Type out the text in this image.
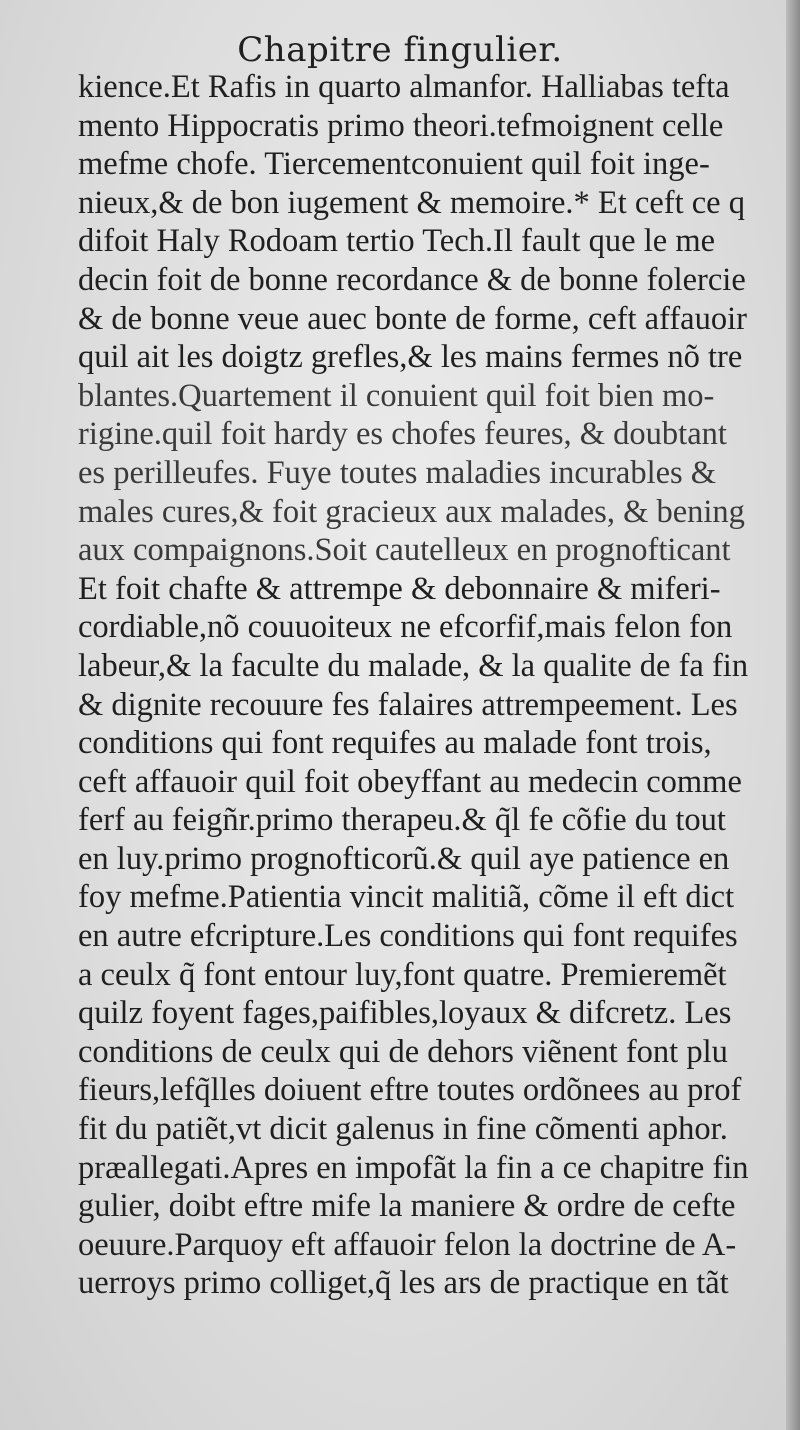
Chapitre fingulier.
kience.Et Rafis in quarto almanfor. Halliabas tefta
mento Hippocratis primo theori.tefmoignent celle
mefme chofe. Tiercementconuient quil foit inge-
nieux,& de bon iugement & memoire.* Et ceft ce q
difoit Haly Rodoam tertio Tech.Il fault que le me
decin foit de bonne recordance & de bonne folercie
& de bonne veue auec bonte de forme, ceft affauoir
quil ait les doigtz grefles,& les mains fermes nõ tre
blantes.Quartement il conuient quil foit bien mo-
rigine.quil foit hardy es chofes feures, & doubtant
es perilleufes. Fuye toutes maladies incurables &
males cures,& foit gracieux aux malades, & bening
aux compaignons.Soit cautelleux en prognofticant
Et foit chafte & attrempe & debonnaire & miferi-
cordiable,nõ couuoiteux ne efcorfif,mais felon fon
labeur,& la faculte du malade, & la qualite de fa fin
& dignite recouure fes falaires attrempeement. Les
conditions qui font requifes au malade font trois,
ceft affauoir quil foit obeyffant au medecin comme
ferf au feigñr.primo therapeu.& q̃l fe cõfie du tout
en luy.primo prognofticorũ.& quil aye patience en
foy mefme.Patientia vincit malitiã, cõme il eft dict
en autre efcripture.Les conditions qui font requifes
a ceulx q̃ font entour luy,font quatre. Premieremẽt
quilz foyent fages,paifibles,loyaux & difcretz. Les
conditions de ceulx qui de dehors viẽnent font plu
fieurs,lefq̃lles doiuent eftre toutes ordõnees au prof
fit du patiẽt,vt dicit galenus in fine cõmenti aphor.
præallegati.Apres en impofãt la fin a ce chapitre fin
gulier, doibt eftre mife la maniere & ordre de cefte
oeuure.Parquoy eft affauoir felon la doctrine de A-
uerroys primo colliget,q̃ les ars de practique en tãt
